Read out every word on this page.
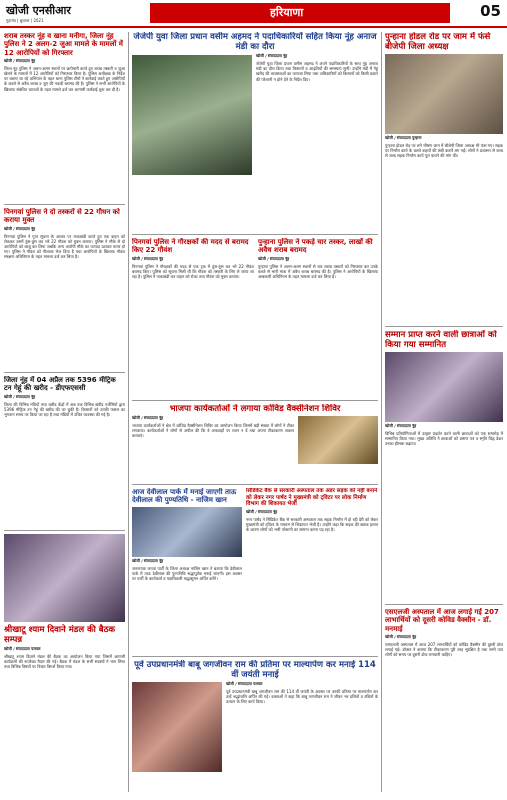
खोजी एनसीआर
गुड़गांव | बुधवार | 2021
हरियाणा	05
शराब तस्कर नूंह व खाना मनीगा, जिला नूंह पुलिस ने 2 अलग-2 जुआ मामले के मामलों में 12 आरोपियों को गिरफ्तार
खोजी / संवाददाता नूंह
जिला नूंह पुलिस ने अलग-अलग स्थानों पर छापेमारी करते हुए शराब तस्करी व जुआ खेलने के मामलों में 12 आरोपियों को गिरफ्तार किया है। पुलिस अधीक्षक के निर्देश पर चलाए जा रहे अभियान के तहत थाना पुलिस टीमों ने कार्रवाई करते हुए आरोपियों के कब्जे से अवैध शराब व जुए की नकदी बरामद की है। पुलिस ने सभी आरोपियों के खिलाफ संबंधित धाराओं के तहत मामले दर्ज कर आगामी कार्रवाई शुरू कर दी है।
पिनगवां पुलिस ने दो तस्करों से 22 गौधन को कराया मुक्त
खोजी / संवाददाता नूंह
पिनगवां पुलिस ने गुप्त सूचना के आधार पर नाकाबंदी करते हुए एक वाहन को रोककर उसमें ठूंस-ठूंस कर भरे 22 गौवंश को मुक्त कराया। पुलिस ने मौके से दो आरोपियों को काबू कर लिया जबकि अन्य आरोपी मौके का फायदा उठाकर फरार हो गए। पुलिस ने गौवंश को गौशाला भेज दिया है तथा आरोपियों के खिलाफ गौवंश संरक्षण अधिनियम के तहत मामला दर्ज कर लिया है।
जिला नूंह में 04 अप्रैल तक 5396 मीट्रिक टन गेहूं की खरीद - डीएफएससी
खोजी / संवाददाता नूंह
जिला की विभिन्न मंडियों तथा खरीद केंद्रों में अब तक विभिन्न खरीद एजेंसियों द्वारा 5396 मीट्रिक टन गेहूं की खरीद की जा चुकी है। किसानों को उनकी फसल का भुगतान समय पर किया जा रहा है तथा मंडियों में उचित व्यवस्था की गई है।
श्रीखाटू श्याम दिवाने मंडल की बैठक सम्पन्न
खोजी / संवाददाता पलवल
श्रीखाटू श्याम दिवाने मंडल की बैठक का आयोजन किया गया जिसमें आगामी कार्यक्रमों की रूपरेखा तैयार की गई। बैठक में मंडल के सभी सदस्यों ने भाग लिया तथा विभिन्न विषयों पर विचार विमर्श किया गया।
जेजेपी युवा जिला प्रधान वसीम अहमद ने पदाधिकारियों सहित किया नूंह अनाज मंडी का दौरा
खोजी / संवाददाता नूंह
जेजेपी युवा जिला प्रधान वसीम अहमद ने अपने पदाधिकारियों के साथ नूंह अनाज मंडी का दौरा किया तथा किसानों व आढ़तियों की समस्याएं सुनीं। उन्होंने मंडी में गेहूं खरीद की व्यवस्थाओं का जायजा लिया तथा अधिकारियों को किसानों को किसी प्रकार की परेशानी न होने देने के निर्देश दिए।
पिनगवां पुलिस ने गौरक्षकों की मदद से बरामद किए 22 गौवंश
खोजी / संवाददाता नूंह
पिनगवां पुलिस ने गौरक्षकों की मदद से एक ट्रक में ठूंस-ठूंस कर भरे 22 गौवंश बरामद किए। पुलिस को सूचना मिली थी कि गौवंश को तस्करी के लिए ले जाया जा रहा है। पुलिस ने नाकाबंदी कर वाहन को रोका तथा गौवंश को मुक्त कराया।
पुन्हाना पुलिस ने पकड़े चार तस्कर, लाखों की अवैध शराब बरामद
खोजी / संवाददाता नूंह
पुन्हाना पुलिस ने अलग-अलग स्थानों से चार शराब तस्करों को गिरफ्तार कर उनके कब्जे से भारी मात्रा में अवैध शराब बरामद की है। पुलिस ने आरोपियों के खिलाफ आबकारी अधिनियम के तहत मामला दर्ज कर लिया है।
भाजपा कार्यकर्ताओं ने लगाया कोविड वैक्सीनेशन शिविर
खोजी / संवाददाता नूंह
भाजपा कार्यकर्ताओं ने क्षेत्र में कोविड वैक्सीनेशन शिविर का आयोजन किया जिसमें बड़ी संख्या में लोगों ने टीका लगवाया। कार्यकर्ताओं ने लोगों से अपील की कि वे अफवाहों पर ध्यान न दें तथा अपना टीकाकरण अवश्य करवाएं।
आज देवीलाल पार्क में मनाई जाएगी ताऊ देवीलाल की पुण्यतिथि - नाजिम खान
खोजी / संवाददाता नूंह
जननायक जनता पार्टी के जिला अध्यक्ष नाजिम खान ने बताया कि देवीलाल पार्क में ताऊ देवीलाल की पुण्यतिथि श्रद्धापूर्वक मनाई जाएगी। इस अवसर पर पार्टी के कार्यकर्ता व पदाधिकारी श्रद्धासुमन अर्पित करेंगे।
सिंडिकेट बैंक से सरकारी अस्पताल तक अंडर सड़क को नहीं बनाने को लेकर नगर पार्षद ने मुख्यमंत्री को ट्विटर पर लोक निर्माण विभाग की शिकायत भेजी
खोजी / संवाददाता नूंह
नगर पार्षद ने सिंडिकेट बैंक से सरकारी अस्पताल तक सड़क निर्माण में हो रही देरी को लेकर मुख्यमंत्री को ट्विटर के माध्यम से शिकायत भेजी है। उन्होंने कहा कि सड़क की खराब हालत के कारण लोगों को भारी परेशानी का सामना करना पड़ रहा है।
पूर्व उपप्रधानमंत्री बाबू जगजीवन राम की प्रतिमा पर माल्यार्पण कर मनाई 114 वीं जयंती मनाई
खोजी / संवाददाता पलवल
पूर्व उपप्रधानमंत्री बाबू जगजीवन राम की 114 वीं जयंती के अवसर पर उनकी प्रतिमा पर माल्यार्पण कर उन्हें श्रद्धांजलि अर्पित की गई। वक्ताओं ने कहा कि बाबू जगजीवन राम ने जीवन भर दलितों व वंचितों के उत्थान के लिए कार्य किया।
पुन्हाना होडल रोड पर जाम में फंसे बीजेपी जिला अध्यक्ष
खोजी / संवाददाता पुन्हाना
पुन्हाना होडल रोड पर लगे भीषण जाम में बीजेपी जिला अध्यक्ष भी फंस गए। सड़क पर निर्माण कार्य के चलते वाहनों की लंबी कतारें लग गईं। लोगों ने प्रशासन से जल्द से जल्द सड़क निर्माण कार्य पूरा कराने की मांग की।
सम्मान प्राप्त करने वाली छात्राओं को किया गया सम्मानित
खोजी / संवाददाता नूंह
विभिन्न प्रतियोगिताओं में उत्कृष्ट प्रदर्शन करने वाली छात्राओं को एक समारोह में सम्मानित किया गया। मुख्य अतिथि ने छात्राओं को प्रमाण पत्र व स्मृति चिह्न देकर उनका हौसला बढ़ाया।
एसएलजी अस्पताल में आज लगाई गई 207 लाभार्थियों को दूसरी कोविड वैक्सीन - डॉ. मनमाई
खोजी / संवाददाता नूंह
एसएलजी अस्पताल में आज 207 लाभार्थियों को कोविड वैक्सीन की दूसरी डोज लगाई गई। डॉक्टर ने बताया कि टीकाकरण पूरी तरह सुरक्षित है तथा सभी पात्र लोगों को समय पर दूसरी डोज लगवानी चाहिए।
